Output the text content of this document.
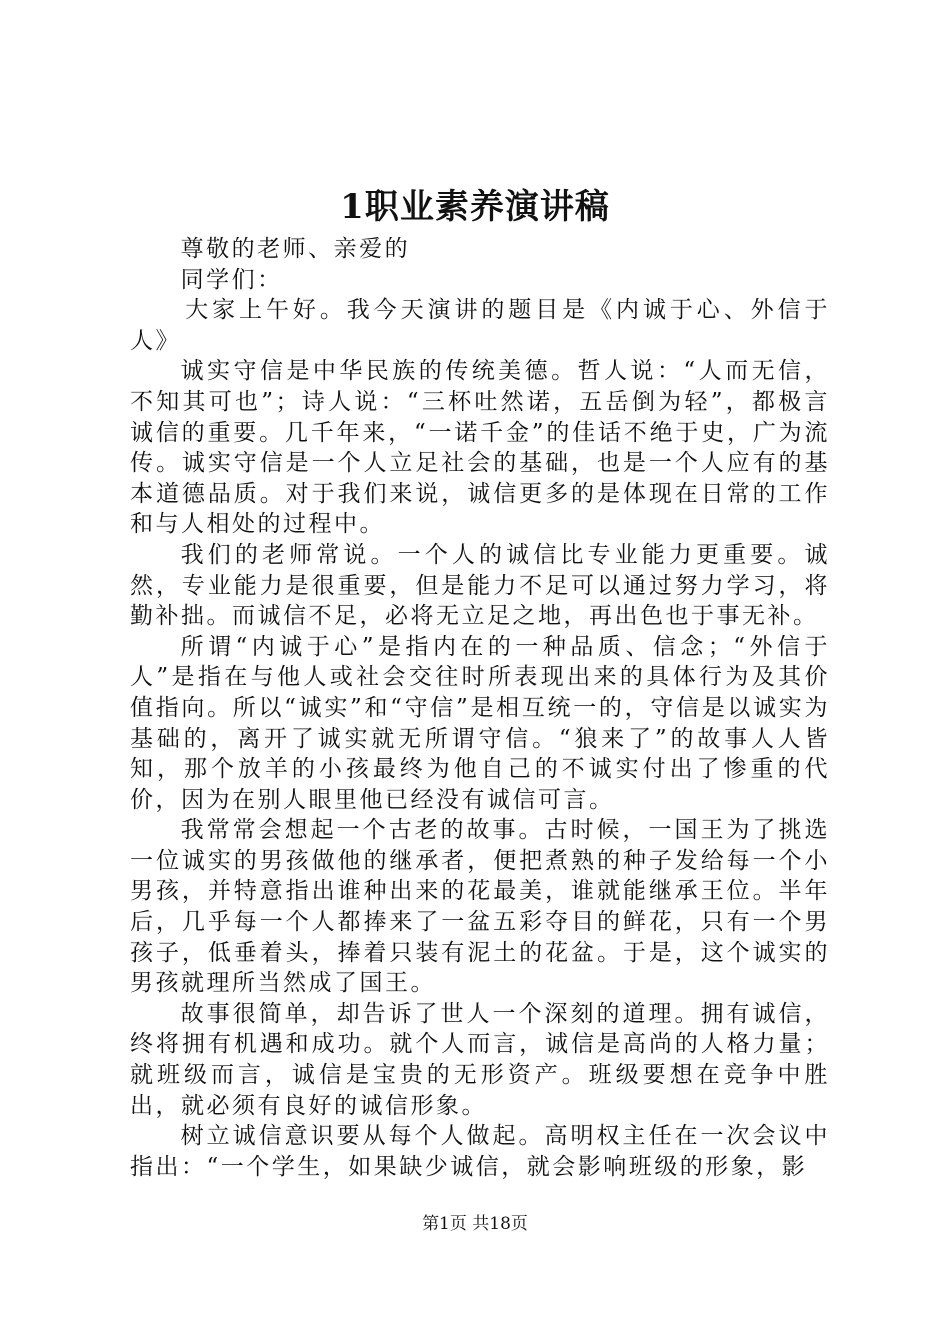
1职业素养演讲稿

尊敬的老师、亲爱的

同学们：

大家上午好。我今天演讲的题目是《内诚于心、外信于人》

诚实守信是中华民族的传统美德。哲人说：“人而无信，不知其可也”；诗人说：“三杯吐然诺，五岳倒为轻”，都极言诚信的重要。几千年来，“一诺千金”的佳话不绝于史，广为流传。诚实守信是一个人立足社会的基础，也是一个人应有的基本道德品质。对于我们来说，诚信更多的是体现在日常的工作和与人相处的过程中。

我们的老师常说。一个人的诚信比专业能力更重要。诚然，专业能力是很重要，但是能力不足可以通过努力学习，将勤补拙。而诚信不足，必将无立足之地，再出色也于事无补。

所谓“内诚于心”是指内在的一种品质、信念；“外信于人”是指在与他人或社会交往时所表现出来的具体行为及其价值指向。所以“诚实”和“守信”是相互统一的，守信是以诚实为基础的，离开了诚实就无所谓守信。“狼来了”的故事人人皆知，那个放羊的小孩最终为他自己的不诚实付出了惨重的代价，因为在别人眼里他已经没有诚信可言。

我常常会想起一个古老的故事。古时候，一国王为了挑选一位诚实的男孩做他的继承者，便把煮熟的种子发给每一个小男孩，并特意指出谁种出来的花最美，谁就能继承王位。半年后，几乎每一个人都捧来了一盆五彩夺目的鲜花，只有一个男孩子，低垂着头，捧着只装有泥土的花盆。于是，这个诚实的男孩就理所当然成了国王。

故事很简单，却告诉了世人一个深刻的道理。拥有诚信，终将拥有机遇和成功。就个人而言，诚信是高尚的人格力量；就班级而言，诚信是宝贵的无形资产。班级要想在竞争中胜出，就必须有良好的诚信形象。

树立诚信意识要从每个人做起。高明权主任在一次会议中指出：“一个学生，如果缺少诚信，就会影响班级的形象，影

第1页 共18页
